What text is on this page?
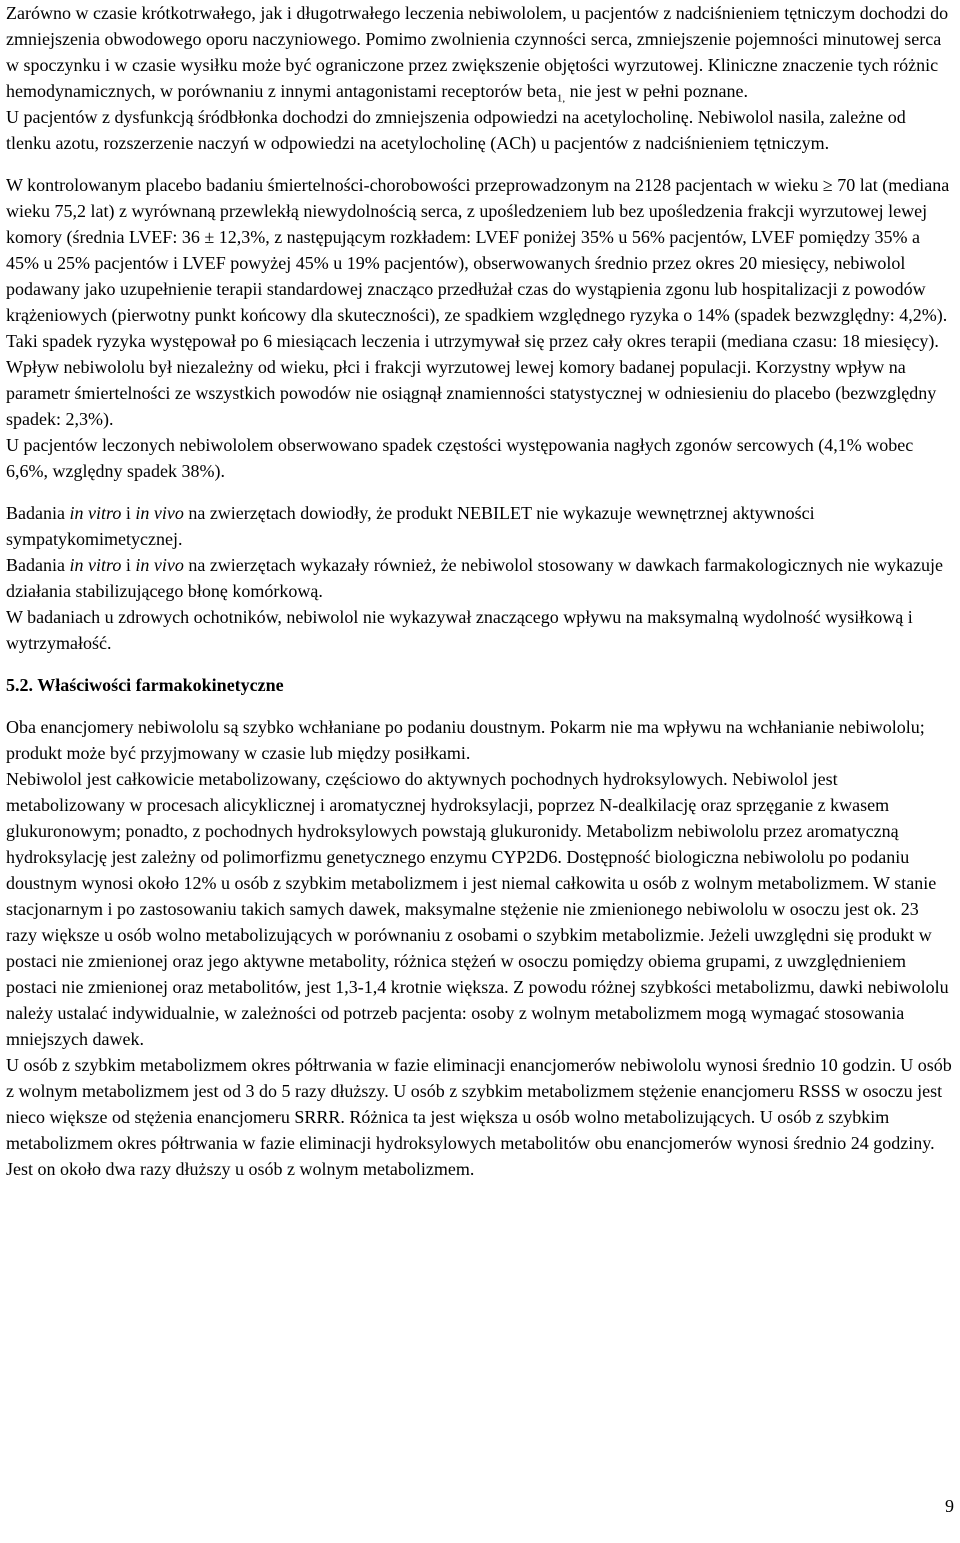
Zarówno w czasie krótkotrwałego, jak i długotrwałego leczenia nebiwololem, u pacjentów z nadciśnieniem tętniczym dochodzi do zmniejszenia obwodowego oporu naczyniowego. Pomimo zwolnienia czynności serca, zmniejszenie pojemności minutowej serca w spoczynku i w czasie wysiłku może być ograniczone przez zwiększenie objętości wyrzutowej. Kliniczne znaczenie tych różnic hemodynamicznych, w porównaniu z innymi antagonistami receptorów beta$_{1,}$ nie jest w pełni poznane.

U pacjentów z dysfunkcją śródbłonka dochodzi do zmniejszenia odpowiedzi na acetylocholinę. Nebiwolol nasila, zależne od tlenku azotu, rozszerzenie naczyń w odpowiedzi na acetylocholinę (ACh) u pacjentów z nadciśnieniem tętniczym.

W kontrolowanym placebo badaniu śmiertelności-chorobowości przeprowadzonym na 2128 pacjentach w wieku ≥ 70 lat (mediana wieku 75,2 lat) z wyrównaną przewlekłą niewydolnością serca, z upośledzeniem lub bez upośledzenia frakcji wyrzutowej lewej komory (średnia LVEF: 36 ± 12,3%, z następującym rozkładem: LVEF poniżej 35% u 56% pacjentów, LVEF pomiędzy 35% a 45% u 25% pacjentów i LVEF powyżej 45% u 19% pacjentów), obserwowanych średnio przez okres 20 miesięcy, nebiwolol podawany jako uzupełnienie terapii standardowej znacząco przedłużał czas do wystąpienia zgonu lub hospitalizacji z powodów krążeniowych (pierwotny punkt końcowy dla skuteczności), ze spadkiem względnego ryzyka o 14% (spadek bezwzględny: 4,2%). Taki spadek ryzyka występował po 6 miesiącach leczenia i utrzymywał się przez cały okres terapii (mediana czasu: 18 miesięcy). Wpływ nebiwololu był niezależny od wieku, płci i frakcji wyrzutowej lewej komory badanej populacji. Korzystny wpływ na parametr śmiertelności ze wszystkich powodów nie osiągnął znamienności statystycznej w odniesieniu do placebo (bezwzględny spadek: 2,3%).

U pacjentów leczonych nebiwololem obserwowano spadek częstości występowania nagłych zgonów sercowych (4,1% wobec 6,6%, względny spadek 38%).

Badania in vitro i in vivo na zwierzętach dowiodły, że produkt NEBILET nie wykazuje wewnętrznej aktywności sympatykomimetycznej.

Badania in vitro i in vivo na zwierzętach wykazały również, że nebiwolol stosowany w dawkach farmakologicznych nie wykazuje działania stabilizującego błonę komórkową.

W badaniach u zdrowych ochotników, nebiwolol nie wykazywał znaczącego wpływu na maksymalną wydolność wysiłkową i wytrzymałość.

5.2. Właściwości farmakokinetyczne

Oba enancjomery nebiwololu są szybko wchłaniane po podaniu doustnym. Pokarm nie ma wpływu na wchłanianie nebiwololu; produkt może być przyjmowany w czasie lub między posiłkami.

Nebiwolol jest całkowicie metabolizowany, częściowo do aktywnych pochodnych hydroksylowych. Nebiwolol jest metabolizowany w procesach alicyklicznej i aromatycznej hydroksylacji, poprzez N-dealkilację oraz sprzęganie z kwasem glukuronowym; ponadto, z pochodnych hydroksylowych powstają glukuronidy. Metabolizm nebiwololu przez aromatyczną hydroksylację jest zależny od polimorfizmu genetycznego enzymu CYP2D6. Dostępność biologiczna nebiwololu po podaniu doustnym wynosi około 12% u osób z szybkim metabolizmem i jest niemal całkowita u osób z wolnym metabolizmem. W stanie stacjonarnym i po zastosowaniu takich samych dawek, maksymalne stężenie nie zmienionego nebiwololu w osoczu jest ok. 23 razy większe u osób wolno metabolizujących w porównaniu z osobami o szybkim metabolizmie. Jeżeli uwzględni się produkt w postaci nie zmienionej oraz jego aktywne metabolity, różnica stężeń w osoczu pomiędzy obiema grupami, z uwzględnieniem postaci nie zmienionej oraz metabolitów, jest 1,3-1,4 krotnie większa. Z powodu różnej szybkości metabolizmu, dawki nebiwololu należy ustalać indywidualnie, w zależności od potrzeb pacjenta: osoby z wolnym metabolizmem mogą wymagać stosowania mniejszych dawek.

U osób z szybkim metabolizmem okres półtrwania w fazie eliminacji enancjomerów nebiwololu wynosi średnio 10 godzin. U osób z wolnym metabolizmem jest od 3 do 5 razy dłuższy. U osób z szybkim metabolizmem stężenie enancjomeru RSSS w osoczu jest nieco większe od stężenia enancjomeru SRRR. Różnica ta jest większa u osób wolno metabolizujących. U osób z szybkim metabolizmem okres półtrwania w fazie eliminacji hydroksylowych metabolitów obu enancjomerów wynosi średnio 24 godziny. Jest on około dwa razy dłuższy u osób z wolnym metabolizmem.

9
